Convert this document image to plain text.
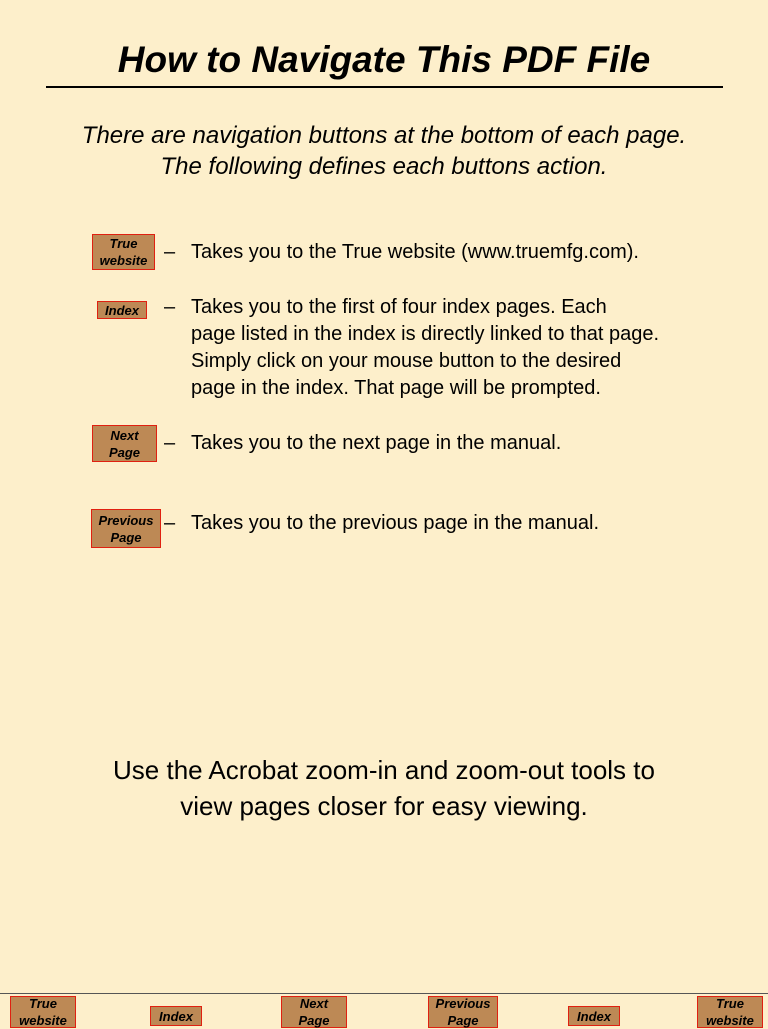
How to Navigate This PDF File
There are navigation buttons at the bottom of each page.
The following defines each buttons action.
True
website – Takes you to the True website (www.truemfg.com).
Index – Takes you to the first of four index pages. Each
page listed in the index is directly linked to that page.
Simply click on your mouse button to the desired
page in the index. That page will be prompted.
Next
Page – Takes you to the next page in the manual.
Previous
Page
– Takes you to the previous page in the manual.
Use the Acrobat zoom-in and zoom-out tools to
view pages closer for easy viewing.
True
website	Index
Next
Page
Previous
Page	Index
True
website
